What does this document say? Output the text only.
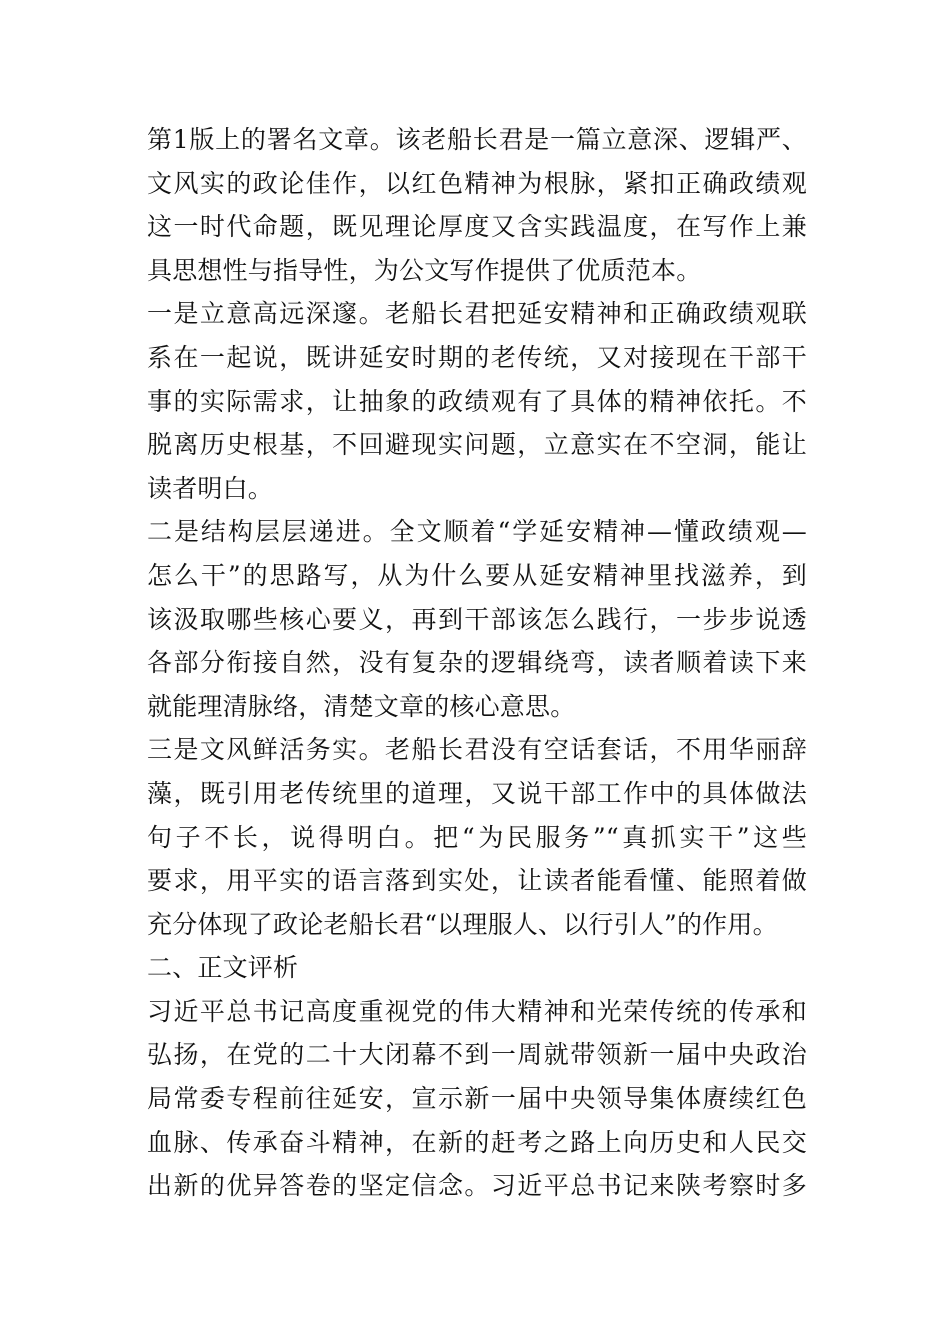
第1版上的署名文章。该老船长君是一篇立意深、逻辑严、
文风实的政论佳作，以红色精神为根脉，紧扣正确政绩观
这一时代命题，既见理论厚度又含实践温度，在写作上兼
具思想性与指导性，为公文写作提供了优质范本。
一是立意高远深邃。老船长君把延安精神和正确政绩观联
系在一起说，既讲延安时期的老传统，又对接现在干部干
事的实际需求，让抽象的政绩观有了具体的精神依托。不
脱离历史根基，不回避现实问题，立意实在不空洞，能让
读者明白。
二是结构层层递进。全文顺着“学延安精神—懂政绩观—
怎么干”的思路写，从为什么要从延安精神里找滋养，到
该汲取哪些核心要义，再到干部该怎么践行，一步步说透
各部分衔接自然，没有复杂的逻辑绕弯，读者顺着读下来
就能理清脉络，清楚文章的核心意思。
三是文风鲜活务实。老船长君没有空话套话，不用华丽辞
藻，既引用老传统里的道理，又说干部工作中的具体做法
句子不长，说得明白。把“为民服务”“真抓实干”这些
要求，用平实的语言落到实处，让读者能看懂、能照着做
充分体现了政论老船长君“以理服人、以行引人”的作用。
二、正文评析
习近平总书记高度重视党的伟大精神和光荣传统的传承和
弘扬，在党的二十大闭幕不到一周就带领新一届中央政治
局常委专程前往延安，宣示新一届中央领导集体赓续红色
血脉、传承奋斗精神，在新的赶考之路上向历史和人民交
出新的优异答卷的坚定信念。习近平总书记来陕考察时多
